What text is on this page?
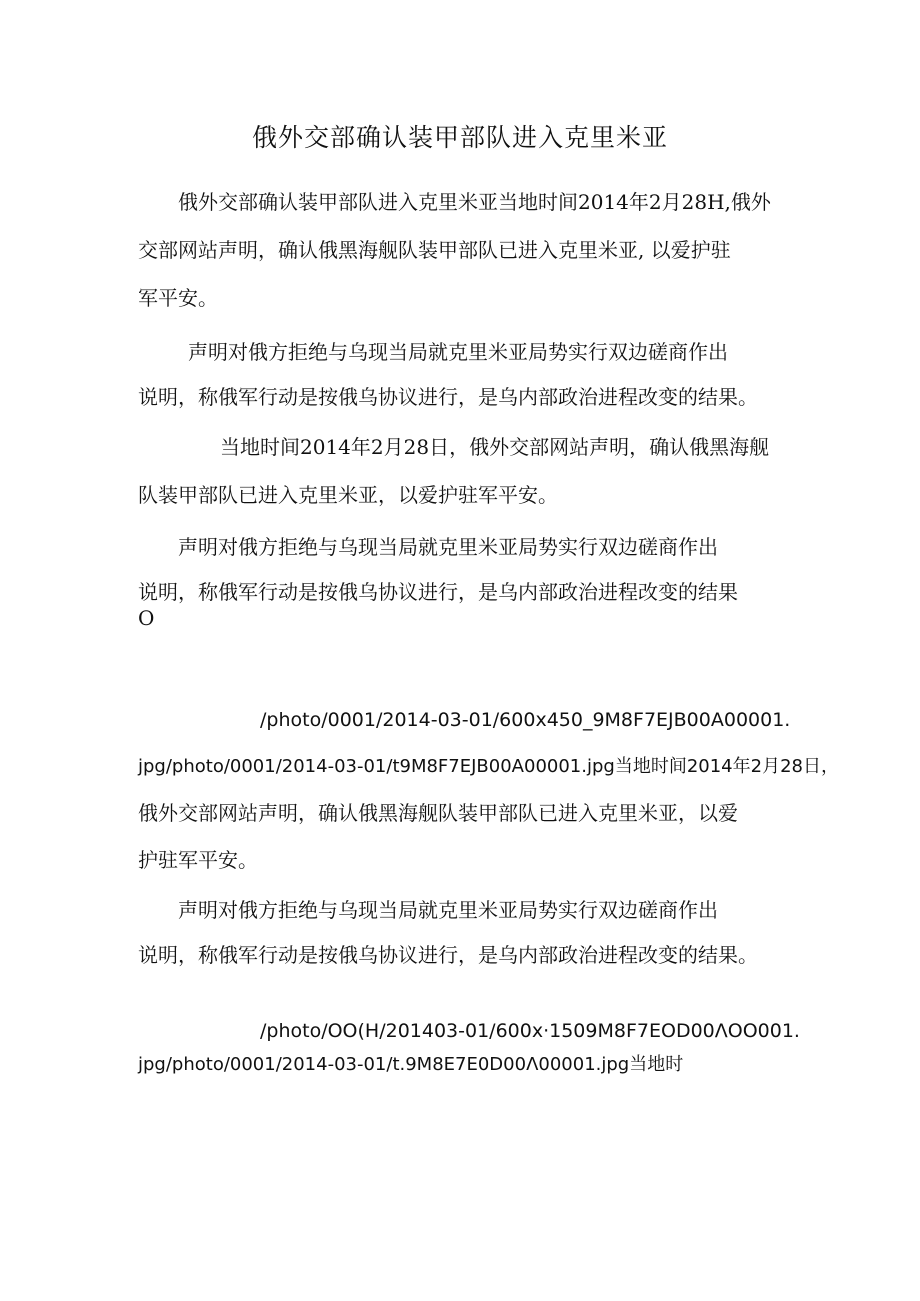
俄外交部确认装甲部队进入克里米亚

俄外交部确认装甲部队进入克里米亚当地时间2014年2月28H,俄外

交部网站声明，确认俄黑海舰队装甲部队已进入克里米亚, 以爱护驻

军平安。

声明对俄方拒绝与乌现当局就克里米亚局势实行双边磋商作出

说明，称俄军行动是按俄乌协议进行，是乌内部政治进程改变的结果。

当地时间2014年2月28日，俄外交部网站声明，确认俄黑海舰

队装甲部队已进入克里米亚，以爱护驻军平安。

声明对俄方拒绝与乌现当局就克里米亚局势实行双边磋商作出

说明，称俄军行动是按俄乌协议进行，是乌内部政治进程改变的结果

O

/photo/0001/2014-03-01/600x450_9M8F7EJB00A00001.

jpg/photo/0001/2014-03-01/t9M8F7EJB00A00001.jpg当地时间2014年2月28日，

俄外交部网站声明，确认俄黑海舰队装甲部队已进入克里米亚，以爱

护驻军平安。

声明对俄方拒绝与乌现当局就克里米亚局势实行双边磋商作出

说明，称俄军行动是按俄乌协议进行，是乌内部政治进程改变的结果。

/photo/OO(H/201403-01/600x·1509M8F7EOD00ΛOO001.

jpg/photo/0001/2014-03-01/t.9M8E7E0D00Λ00001.jpg当地时
